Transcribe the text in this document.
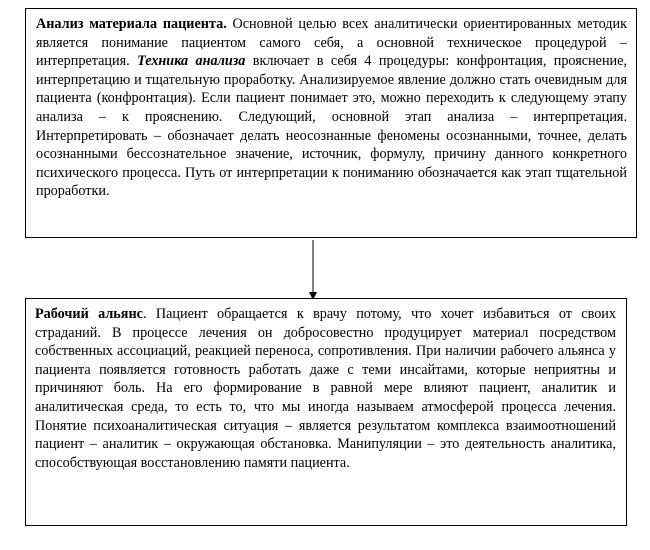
Анализ материала пациента. Основной целью всех аналитически ориентированных методик является понимание пациентом самого себя, а основной техническое процедурой – интерпретация. Техника анализа включает в себя 4 процедуры: конфронтация, прояснение, интерпретацию и тщательную проработку. Анализируемое явление должно стать очевидным для пациента (конфронтация). Если пациент понимает это, можно переходить к следующему этапу анализа – к прояснению. Следующий, основной этап анализа – интерпретация. Интерпретировать – обозначает делать неосознанные феномены осознанными, точнее, делать осознанными бессознательное значение, источник, формулу, причину данного конкретного психического процесса. Путь от интерпретации к пониманию обозначается как этап тщательной проработки.
Рабочий альянс. Пациент обращается к врачу потому, что хочет избавиться от своих страданий. В процессе лечения он добросовестно продуцирует материал посредством собственных ассоциаций, реакцией переноса, сопротивления. При наличии рабочего альянса у пациента появляется готовность работать даже с теми инсайтами, которые неприятны и причиняют боль. На его формирование в равной мере влияют пациент, аналитик и аналитическая среда, то есть то, что мы иногда называем атмосферой процесса лечения. Понятие психоаналитическая ситуация – является результатом комплекса взаимоотношений пациент – аналитик – окружающая обстановка. Манипуляции – это деятельность аналитика, способствующая восстановлению памяти пациента.
